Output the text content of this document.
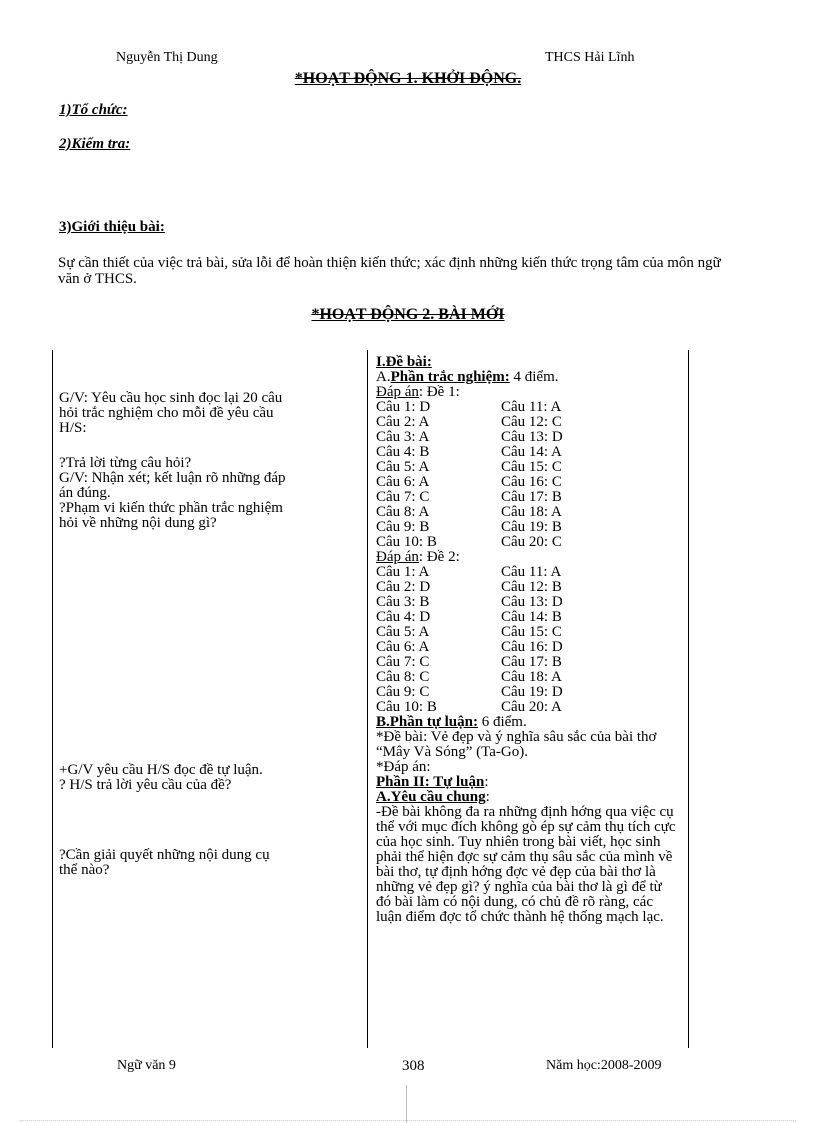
Nguyễn Thị Dung	THCS Hải Lĩnh
*HOẠT ĐỘNG 1. KHỞI ĐỘNG.
1)Tổ chức:
2)Kiểm tra:
3)Giới thiệu bài:
Sự cần thiết của việc trả bài, sửa lỗi để hoàn thiện kiến thức; xác định những kiến thức trọng tâm của môn ngữ văn ở THCS.
*HOẠT ĐỘNG 2. BÀI MỚI
G/V: Yêu cầu học sinh đọc lại 20 câu
hỏi trắc nghiệm cho mỗi đề yêu cầu
H/S:
?Trả lời từng câu hỏi?
G/V: Nhận xét; kết luận rõ những đáp
án đúng.
?Phạm vi kiến thức phần trắc nghiệm
hỏi về những nội dung gì?
+G/V yêu cầu H/S đọc đề tự luận.
? H/S trả lời yêu cầu của đề?
?Cần giải quyết những nội dung cụ
thể nào?
I.Đề bài:
A.Phần trắc nghiệm: 4 điểm.
Đáp án: Đề 1:
Câu 1: D	Câu 11: A
Câu 2: A	Câu 12: C
Câu 3: A	Câu 13: D
Câu 4: B	Câu 14: A
Câu 5: A	Câu 15: C
Câu 6: A	Câu 16: C
Câu 7: C	Câu 17: B
Câu 8: A	Câu 18: A
Câu 9: B	Câu 19: B
Câu 10: B	Câu 20: C
Đáp án: Đề 2:
Câu 1: A	Câu 11: A
Câu 2: D	Câu 12: B
Câu 3: B	Câu 13: D
Câu 4: D	Câu 14: B
Câu 5: A	Câu 15: C
Câu 6: A	Câu 16: D
Câu 7: C	Câu 17: B
Câu 8: C	Câu 18: A
Câu 9: C	Câu 19: D
Câu 10: B	Câu 20: A
B.Phần tự luận: 6 điểm.
*Đề bài: Vẻ đẹp và ý nghĩa sâu sắc của bài thơ “Mây Và Sóng” (Ta-Go).
*Đáp án:
Phần II: Tự luận:
A.Yêu cầu chung:
-Đề bài không đa ra những định hớng qua việc cụ thể với mục đích không gò ép sự cảm thụ tích cực của học sinh. Tuy nhiên trong bài viết, học sinh phải thể hiện đợc sự cảm thụ sâu sắc của mình về bài thơ, tự định hớng đợc vẻ đẹp của bài thơ là những vẻ đẹp gì? ý nghĩa của bài thơ là gì để từ đó bài làm có nội dung, có chủ đề rõ ràng, các luận điểm đợc tổ chức thành hệ thống mạch lạc.
Ngữ văn 9	308	Năm học:2008-2009
